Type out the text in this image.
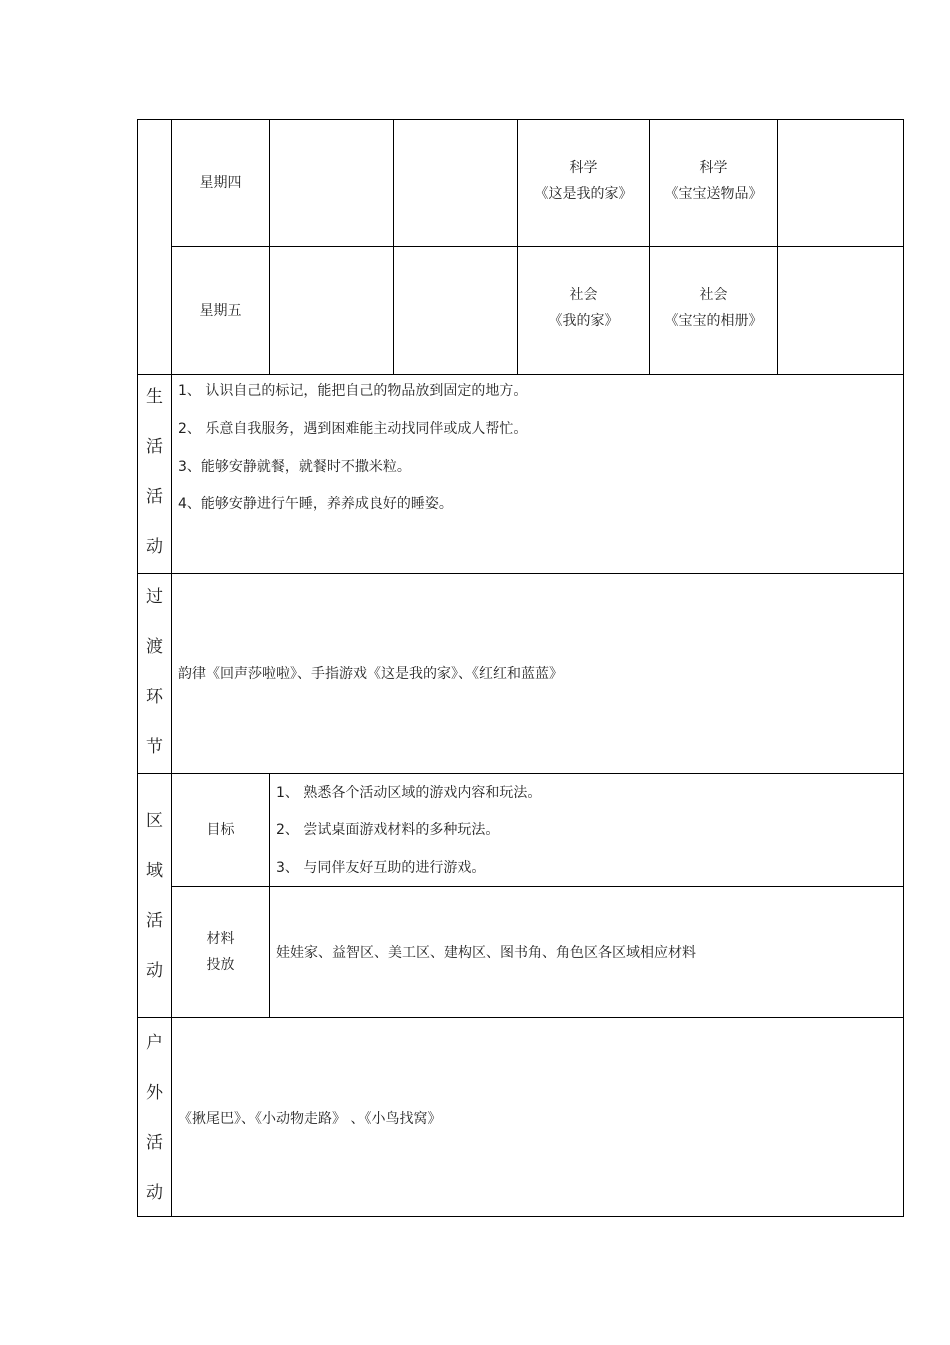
星期四
科学
《这是我的家》
科学
《宝宝送物品》
星期五
社会
《我的家》
社会
《宝宝的相册》
生
活
活
动
1、 认识自己的标记，能把自己的物品放到固定的地方。
2、 乐意自我服务，遇到困难能主动找同伴或成人帮忙。
3、能够安静就餐，就餐时不撒米粒。
4、能够安静进行午睡，养养成良好的睡姿。
过
渡
环
节
韵律《回声莎啦啦》、手指游戏《这是我的家》、《红红和蓝蓝》
区
域
活
动
目标
1、 熟悉各个活动区域的游戏内容和玩法。
2、 尝试桌面游戏材料的多种玩法。
3、 与同伴友好互助的进行游戏。
材料
投放
娃娃家、益智区、美工区、建构区、图书角、角色区各区域相应材料
户
外
活
动
《揪尾巴》、《小动物走路》 、《小鸟找窝》
